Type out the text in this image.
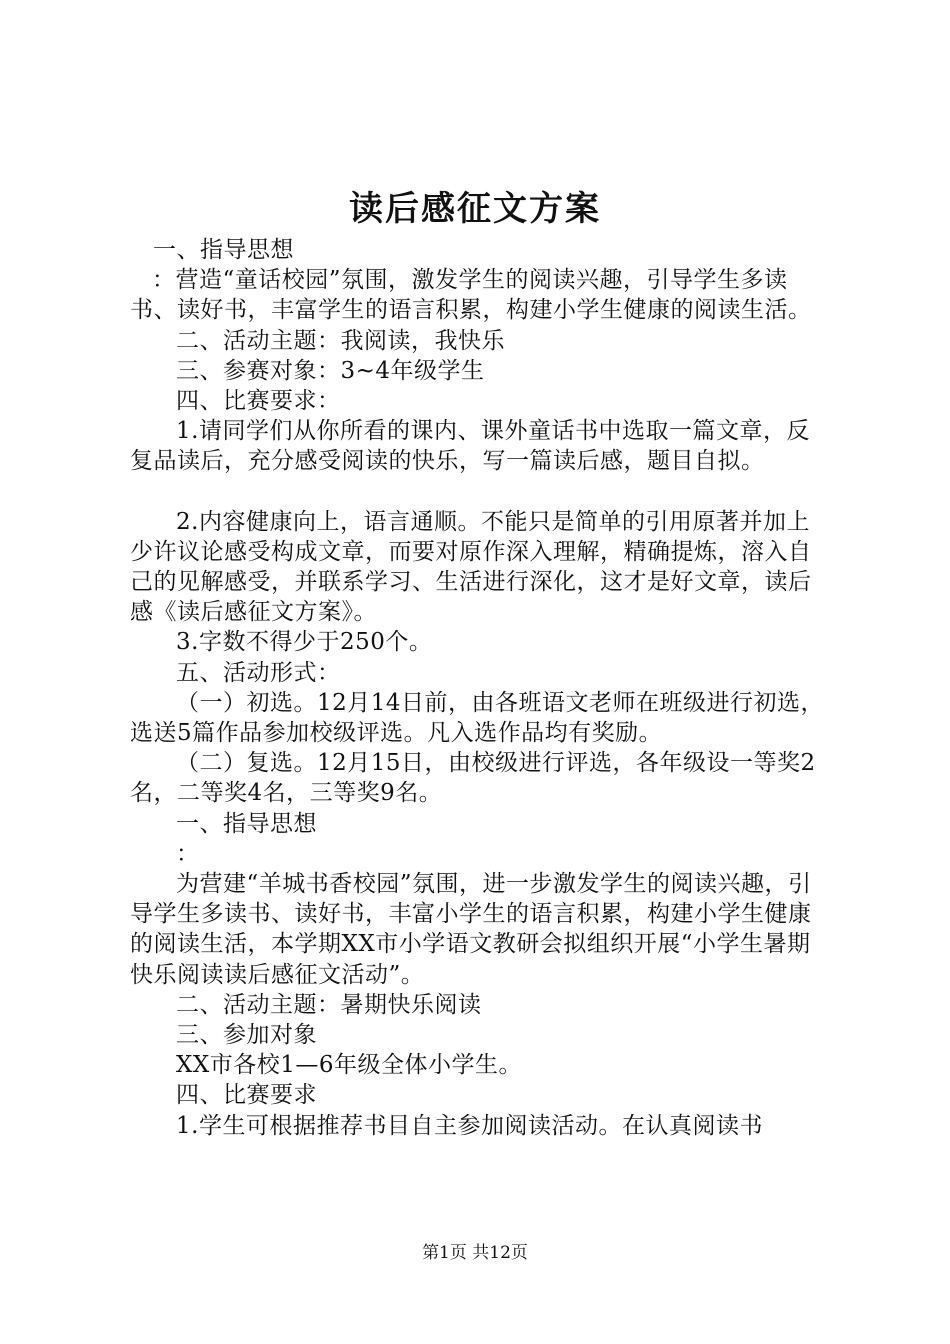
读后感征文方案

一、指导思想

：营造“童话校园”氛围，激发学生的阅读兴趣，引导学生多读书、读好书，丰富学生的语言积累，构建小学生健康的阅读生活。

二、活动主题：我阅读，我快乐

三、参赛对象：3~4年级学生

四、比赛要求：

1.请同学们从你所看的课内、课外童话书中选取一篇文章，反复品读后，充分感受阅读的快乐，写一篇读后感，题目自拟。

2.内容健康向上，语言通顺。不能只是简单的引用原著并加上少许议论感受构成文章，而要对原作深入理解，精确提炼，溶入自己的见解感受，并联系学习、生活进行深化，这才是好文章，读后感《读后感征文方案》。

3.字数不得少于250个。

五、活动形式：

（一）初选。12月14日前，由各班语文老师在班级进行初选，选送5篇作品参加校级评选。凡入选作品均有奖励。

（二）复选。12月15日，由校级进行评选，各年级设一等奖2名，二等奖4名，三等奖9名。

一、指导思想

：

为营建“羊城书香校园”氛围，进一步激发学生的阅读兴趣，引导学生多读书、读好书，丰富小学生的语言积累，构建小学生健康的阅读生活，本学期XX市小学语文教研会拟组织开展“小学生暑期快乐阅读读后感征文活动”。

二、活动主题：暑期快乐阅读

三、参加对象

XX市各校1—6年级全体小学生。

四、比赛要求

1.学生可根据推荐书目自主参加阅读活动。在认真阅读书

第1页 共12页
